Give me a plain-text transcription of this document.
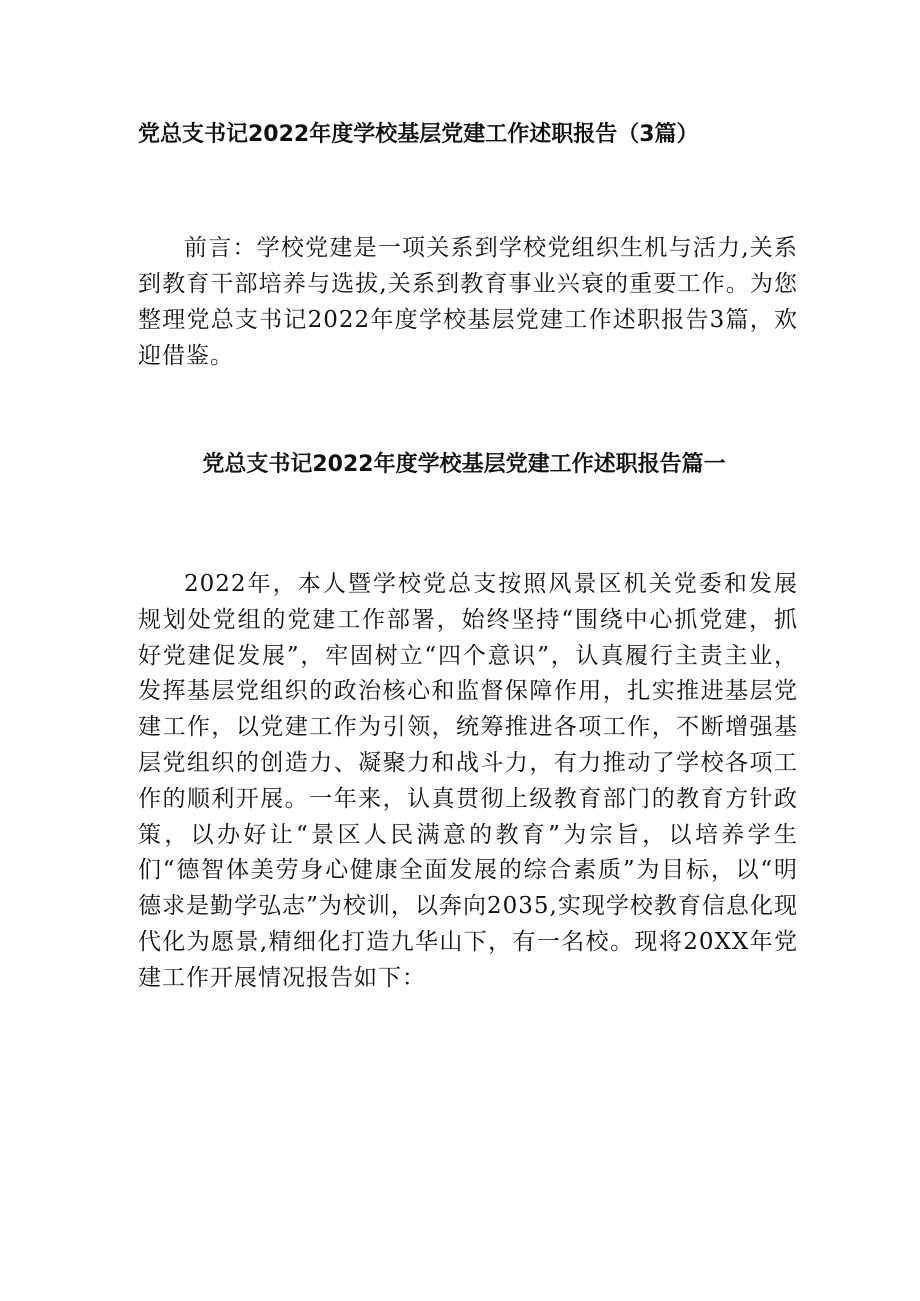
党总支书记2022年度学校基层党建工作述职报告（3篇）

前言：学校党建是一项关系到学校党组织生机与活力,关系到教育干部培养与选拔,关系到教育事业兴衰的重要工作。为您整理党总支书记2022年度学校基层党建工作述职报告3篇，欢迎借鉴。

党总支书记2022年度学校基层党建工作述职报告篇一

2022年，本人暨学校党总支按照风景区机关党委和发展规划处党组的党建工作部署，始终坚持“围绕中心抓党建，抓好党建促发展”，牢固树立“四个意识”，认真履行主责主业，发挥基层党组织的政治核心和监督保障作用，扎实推进基层党建工作，以党建工作为引领，统筹推进各项工作，不断增强基层党组织的创造力、凝聚力和战斗力，有力推动了学校各项工作的顺利开展。一年来，认真贯彻上级教育部门的教育方针政策，以办好让“景区人民满意的教育”为宗旨，以培养学生们“德智体美劳身心健康全面发展的综合素质”为目标，以“明德求是勤学弘志”为校训，以奔向2035,实现学校教育信息化现代化为愿景,精细化打造九华山下，有一名校。现将20XX年党建工作开展情况报告如下：
